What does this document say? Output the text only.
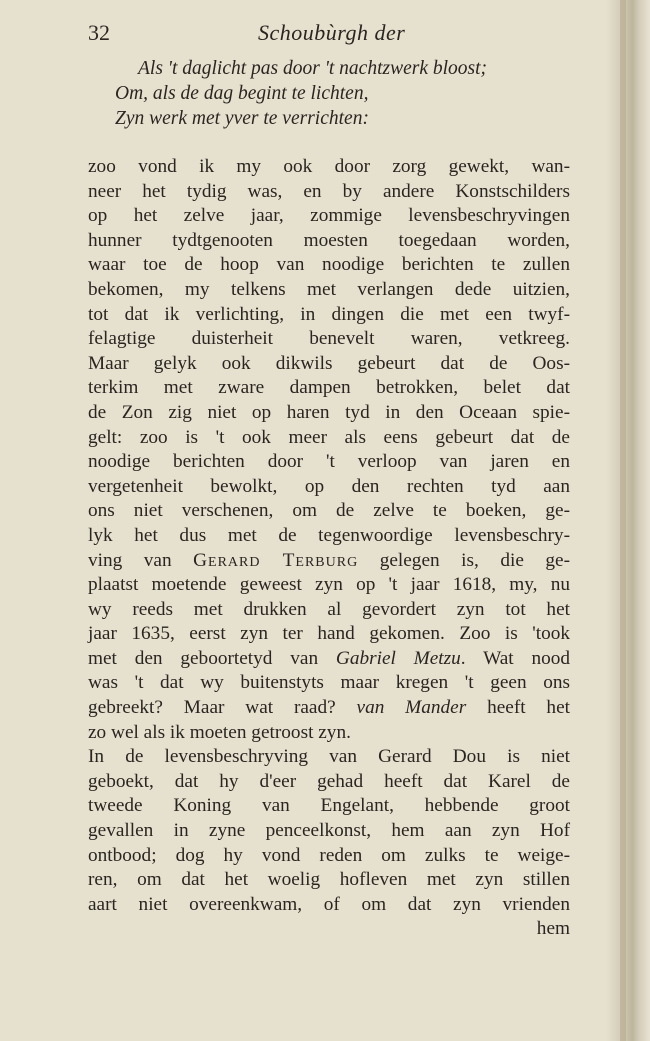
32	Schoubùrgh der
Als 't daglicht pas door 't nachtzwerk bloost;
Om, als de dag begint te lichten,
Zyn werk met yver te verrichten:
zoo vond ik my ook door zorg gewekt, wan-
neer het tydig was, en by andere Konstschilders
op het zelve jaar, zommige levensbeschryvingen
hunner tydtgenooten moesten toegedaan worden,
waar toe de hoop van noodige berichten te zullen
bekomen, my telkens met verlangen dede uitzien,
tot dat ik verlichting, in dingen die met een twyf-
felagtige duisterheit benevelt waren, vetkreeg.
Maar gelyk ook dikwils gebeurt dat de Oos-
terkim met zware dampen betrokken, belet dat
de Zon zig niet op haren tyd in den Oceaan spie-
gelt: zoo is 't ook meer als eens gebeurt dat de
noodige berichten door 't verloop van jaren en
vergetenheit bewolkt, op den rechten tyd aan
ons niet verschenen, om de zelve te boeken, ge-
lyk het dus met de tegenwoordige levensbeschry-
ving van Gerard Terburg gelegen is, die ge-
plaatst moetende geweest zyn op 't jaar 1618, my, nu
wy reeds met drukken al gevordert zyn tot het
jaar 1635, eerst zyn ter hand gekomen. Zoo is 'took
met den geboortetyd van Gabriel Metzu. Wat nood
was 't dat wy buitenstyts maar kregen 't geen ons
gebreekt? Maar wat raad? van Mander heeft het
zo wel als ik moeten getroost zyn.
In de levensbeschryving van Gerard Dou is niet
geboekt, dat hy d'eer gehad heeft dat Karel de
tweede Koning van Engelant, hebbende groot
gevallen in zyne penceelkonst, hem aan zyn Hof
ontbood; dog hy vond reden om zulks te weige-
ren, om dat het woelig hofleven met zyn stillen
aart niet overeenkwam, of om dat zyn vrienden
hem
